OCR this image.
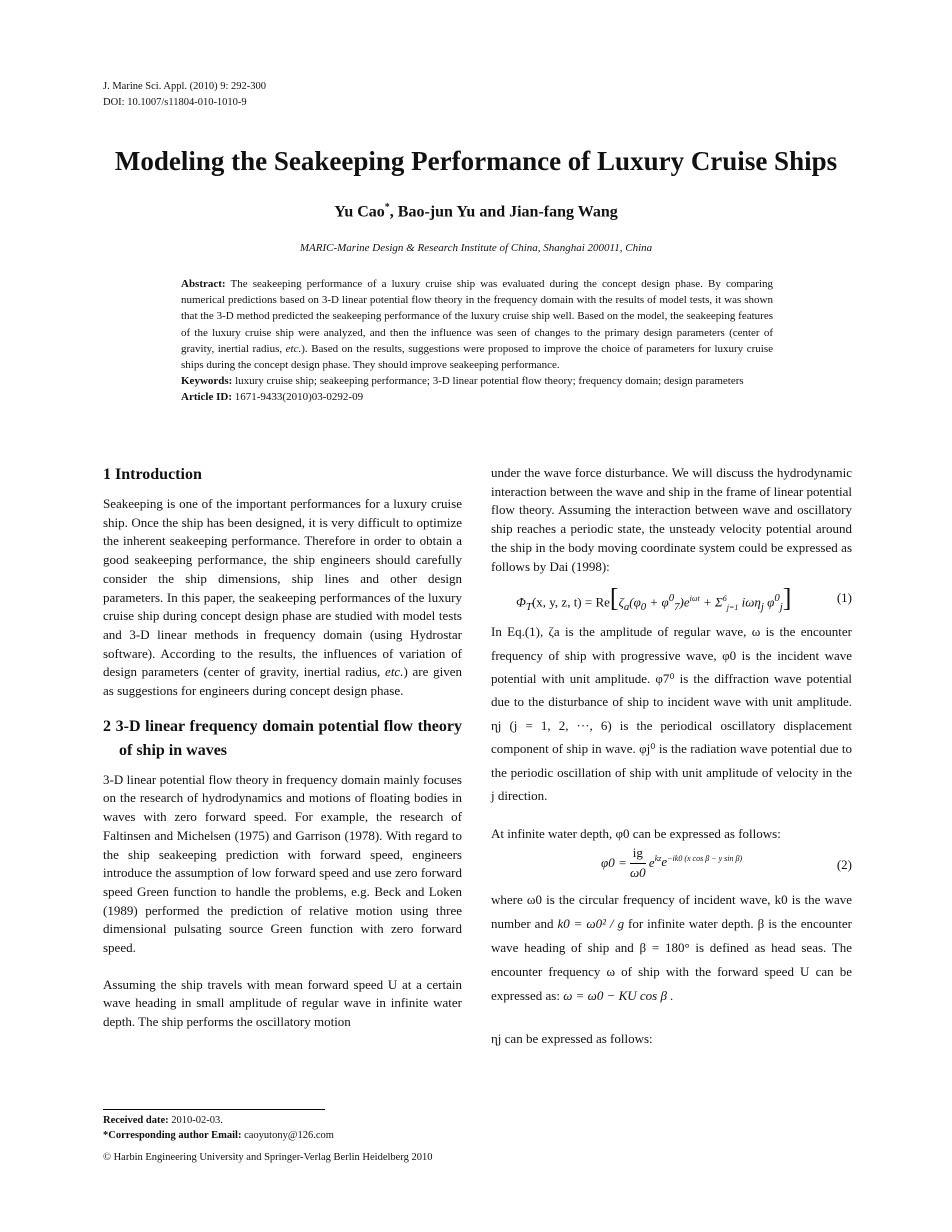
J. Marine Sci. Appl. (2010) 9: 292-300
DOI: 10.1007/s11804-010-1010-9
Modeling the Seakeeping Performance of Luxury Cruise Ships
Yu Cao*, Bao-jun Yu and Jian-fang Wang
MARIC-Marine Design & Research Institute of China, Shanghai 200011, China
Abstract: The seakeeping performance of a luxury cruise ship was evaluated during the concept design phase. By comparing numerical predictions based on 3-D linear potential flow theory in the frequency domain with the results of model tests, it was shown that the 3-D method predicted the seakeeping performance of the luxury cruise ship well. Based on the model, the seakeeping features of the luxury cruise ship were analyzed, and then the influence was seen of changes to the primary design parameters (center of gravity, inertial radius, etc.). Based on the results, suggestions were proposed to improve the choice of parameters for luxury cruise ships during the concept design phase. They should improve seakeeping performance.
Keywords: luxury cruise ship; seakeeping performance; 3-D linear potential flow theory; frequency domain; design parameters
Article ID: 1671-9433(2010)03-0292-09
1 Introduction

Seakeeping is one of the important performances for a luxury cruise ship. Once the ship has been designed, it is very difficult to optimize the inherent seakeeping performance. Therefore in order to obtain a good seakeeping performance, the ship engineers should carefully consider the ship dimensions, ship lines and other design parameters. In this paper, the seakeeping performances of the luxury cruise ship during concept design phase are studied with model tests and 3-D linear methods in frequency domain (using Hydrostar software). According to the results, the influences of variation of design parameters (center of gravity, inertial radius, etc.) are given as suggestions for engineers during concept design phase.

2 3-D linear frequency domain potential flow theory of ship in waves

3-D linear potential flow theory in frequency domain mainly focuses on the research of hydrodynamics and motions of floating bodies in waves with zero forward speed. For example, the research of Faltinsen and Michelsen (1975) and Garrison (1978). With regard to the ship seakeeping prediction with forward speed, engineers introduce the assumption of low forward speed and use zero forward speed Green function to handle the problems, e.g. Beck and Loken (1989) performed the prediction of relative motion using three dimensional pulsating source Green function with zero forward speed.

Assuming the ship travels with mean forward speed U at a certain wave heading in small amplitude of regular wave in infinite water depth. The ship performs the oscillatory motion

under the wave force disturbance. We will discuss the hydrodynamic interaction between the wave and ship in the frame of linear potential flow theory. Assuming the interaction between wave and oscillatory ship reaches a periodic state, the unsteady velocity potential around the ship in the body moving coordinate system could be expressed as follows by Dai (1998):

$\Phi_T(x$, y, z, $t) = Re[\zeta_a(\varphi_0 + \varphi^0_7)e^{i\omega t} + \Sigma^6_{j=1}$ iωη$_j$ $\varphi^0_j$]	(1)

In Eq.(1), ζa is the amplitude of regular wave, ω is the encounter frequency of ship with progressive wave, φ0 is the incident wave potential with unit amplitude. φ7⁰ is the diffraction wave potential due to the disturbance of ship to incident wave with unit amplitude. ηj (j = 1, 2, ···, 6) is the periodical oscillatory displacement component of ship in wave. φj⁰ is the radiation wave potential due to the periodic oscillation of ship with unit amplitude of velocity in the j direction.

At infinite water depth, φ0 can be expressed as follows:

$\varphi 0 = \frac{ig}{\omega 0} e^{kz}e^{-ik0 (x cos \beta - y sin \beta)}$	(2)

where ω0 is the circular frequency of incident wave, k0 is the wave number and k0 = ω0² / g for infinite water depth. β is the encounter wave heading of ship and β = 180° is defined as head seas. The encounter frequency ω of ship with the forward speed U can be expressed as: ω = ω0 − KU cos β .

ηj can be expressed as follows:

Received date: 2010-02-03.
*Corresponding author Email: caoyutony@126.com
© Harbin Engineering University and Springer-Verlag Berlin Heidelberg 2010
